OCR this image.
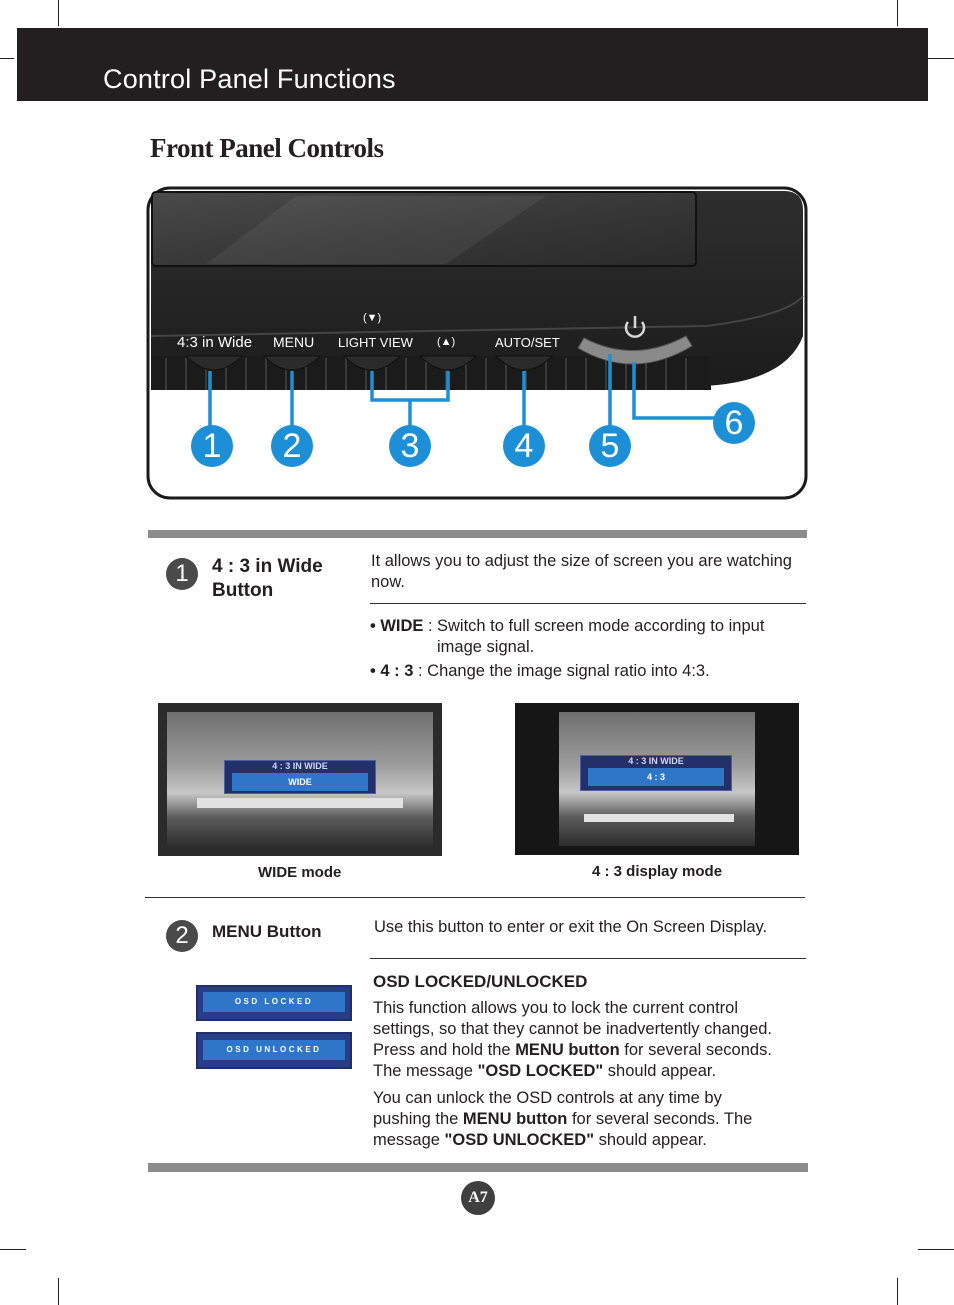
Control Panel Functions
Front Panel Controls
4:3 in Wide MENU LIGHT VIEW
(▼)
(▲)	AUTO/SET
1	2	3	4	5
6
1	4 : 3 in Wide
Button
It allows you to adjust the size of screen you are watching now.
• WIDE : Switch to full screen mode according to input image signal.
• 4 : 3 : Change the image signal ratio into 4:3.
4 : 3 IN WIDE
WIDE
WIDE mode
4 : 3 IN WIDE
4 : 3
4 : 3 display mode
2	MENU Button	Use this button to enter or exit the On Screen Display.
OSD LOCKED
OSD UNLOCKED
OSD LOCKED/UNLOCKED
This function allows you to lock the current control settings, so that they cannot be inadvertently changed. Press and hold the MENU button for several seconds. The message "OSD LOCKED" should appear.
You can unlock the OSD controls at any time by pushing the MENU button for several seconds. The message "OSD UNLOCKED" should appear.
A7
